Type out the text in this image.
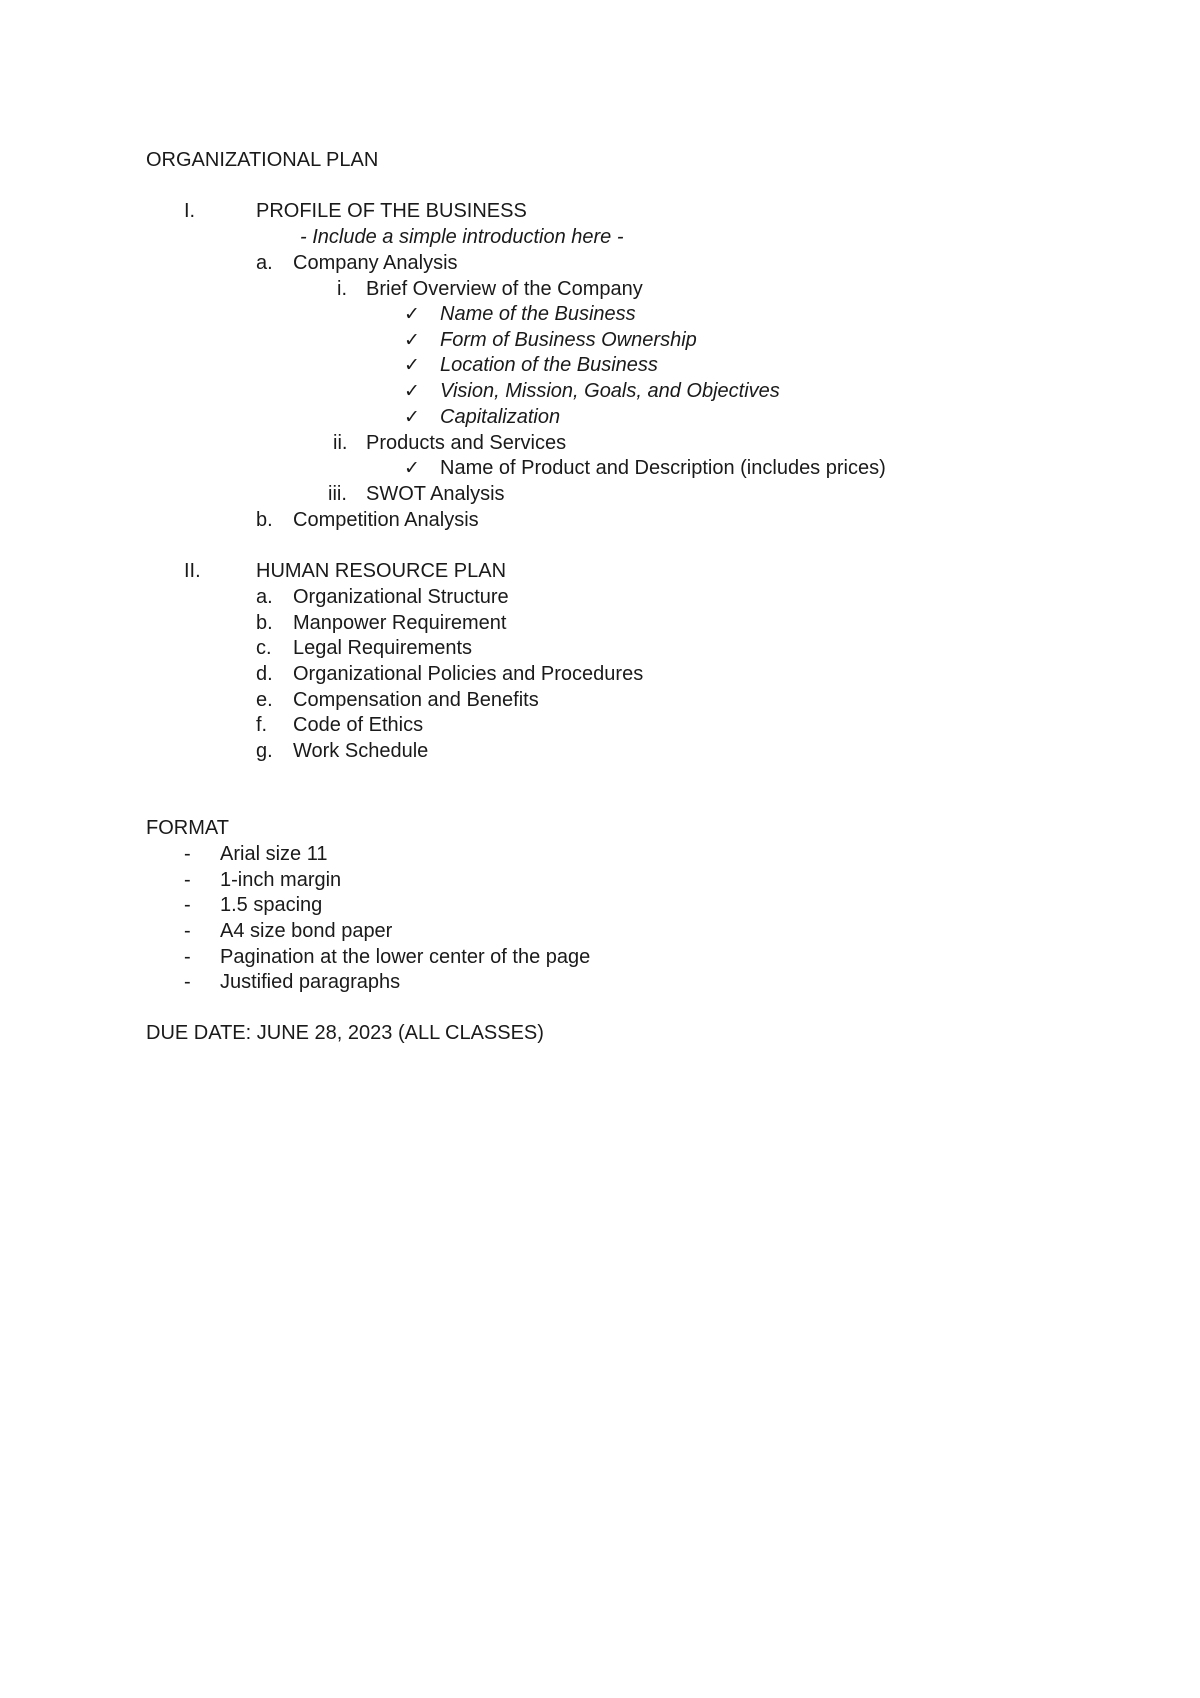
ORGANIZATIONAL PLAN
I.	PROFILE OF THE BUSINESS
- Include a simple introduction here -
a. Company Analysis
i. Brief Overview of the Company
✓ Name of the Business
✓ Form of Business Ownership
✓ Location of the Business
✓ Vision, Mission, Goals, and Objectives
✓ Capitalization
ii. Products and Services
✓ Name of Product and Description (includes prices)
iii. SWOT Analysis
b. Competition Analysis
II.	HUMAN RESOURCE PLAN
a. Organizational Structure
b. Manpower Requirement
c. Legal Requirements
d. Organizational Policies and Procedures
e. Compensation and Benefits
f. Code of Ethics
g. Work Schedule
FORMAT
- Arial size 11
- 1-inch margin
- 1.5 spacing
- A4 size bond paper
- Pagination at the lower center of the page
- Justified paragraphs
DUE DATE: JUNE 28, 2023 (ALL CLASSES)
